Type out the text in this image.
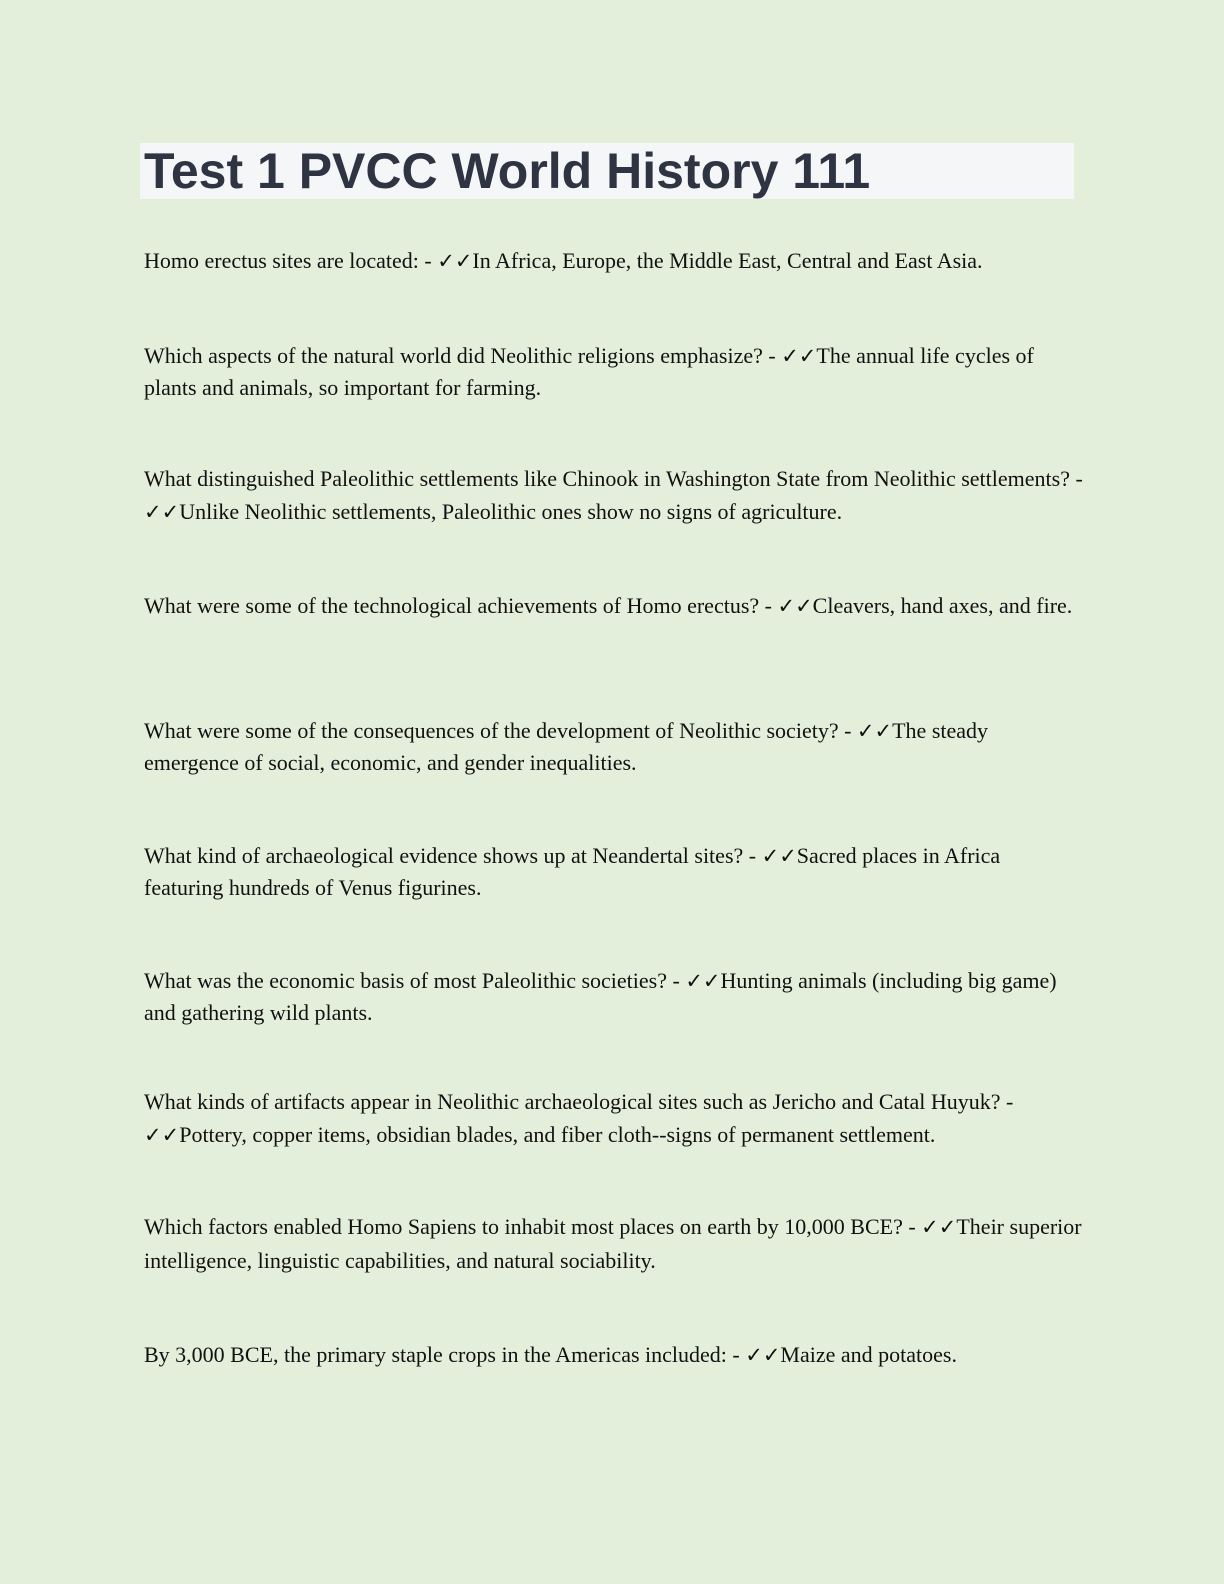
Test 1 PVCC World History 111

Homo erectus sites are located: - ✓✓In Africa, Europe, the Middle East, Central and East Asia.

Which aspects of the natural world did Neolithic religions emphasize? - ✓✓The annual life cycles of plants and animals, so important for farming.

What distinguished Paleolithic settlements like Chinook in Washington State from Neolithic settlements? - ✓✓Unlike Neolithic settlements, Paleolithic ones show no signs of agriculture.

What were some of the technological achievements of Homo erectus? - ✓✓Cleavers, hand axes, and fire.

What were some of the consequences of the development of Neolithic society? - ✓✓The steady emergence of social, economic, and gender inequalities.

What kind of archaeological evidence shows up at Neandertal sites? - ✓✓Sacred places in Africa featuring hundreds of Venus figurines.

What was the economic basis of most Paleolithic societies? - ✓✓Hunting animals (including big game) and gathering wild plants.

What kinds of artifacts appear in Neolithic archaeological sites such as Jericho and Catal Huyuk? - ✓✓Pottery, copper items, obsidian blades, and fiber cloth--signs of permanent settlement.

Which factors enabled Homo Sapiens to inhabit most places on earth by 10,000 BCE? - ✓✓Their superior intelligence, linguistic capabilities, and natural sociability.

By 3,000 BCE, the primary staple crops in the Americas included: - ✓✓Maize and potatoes.
